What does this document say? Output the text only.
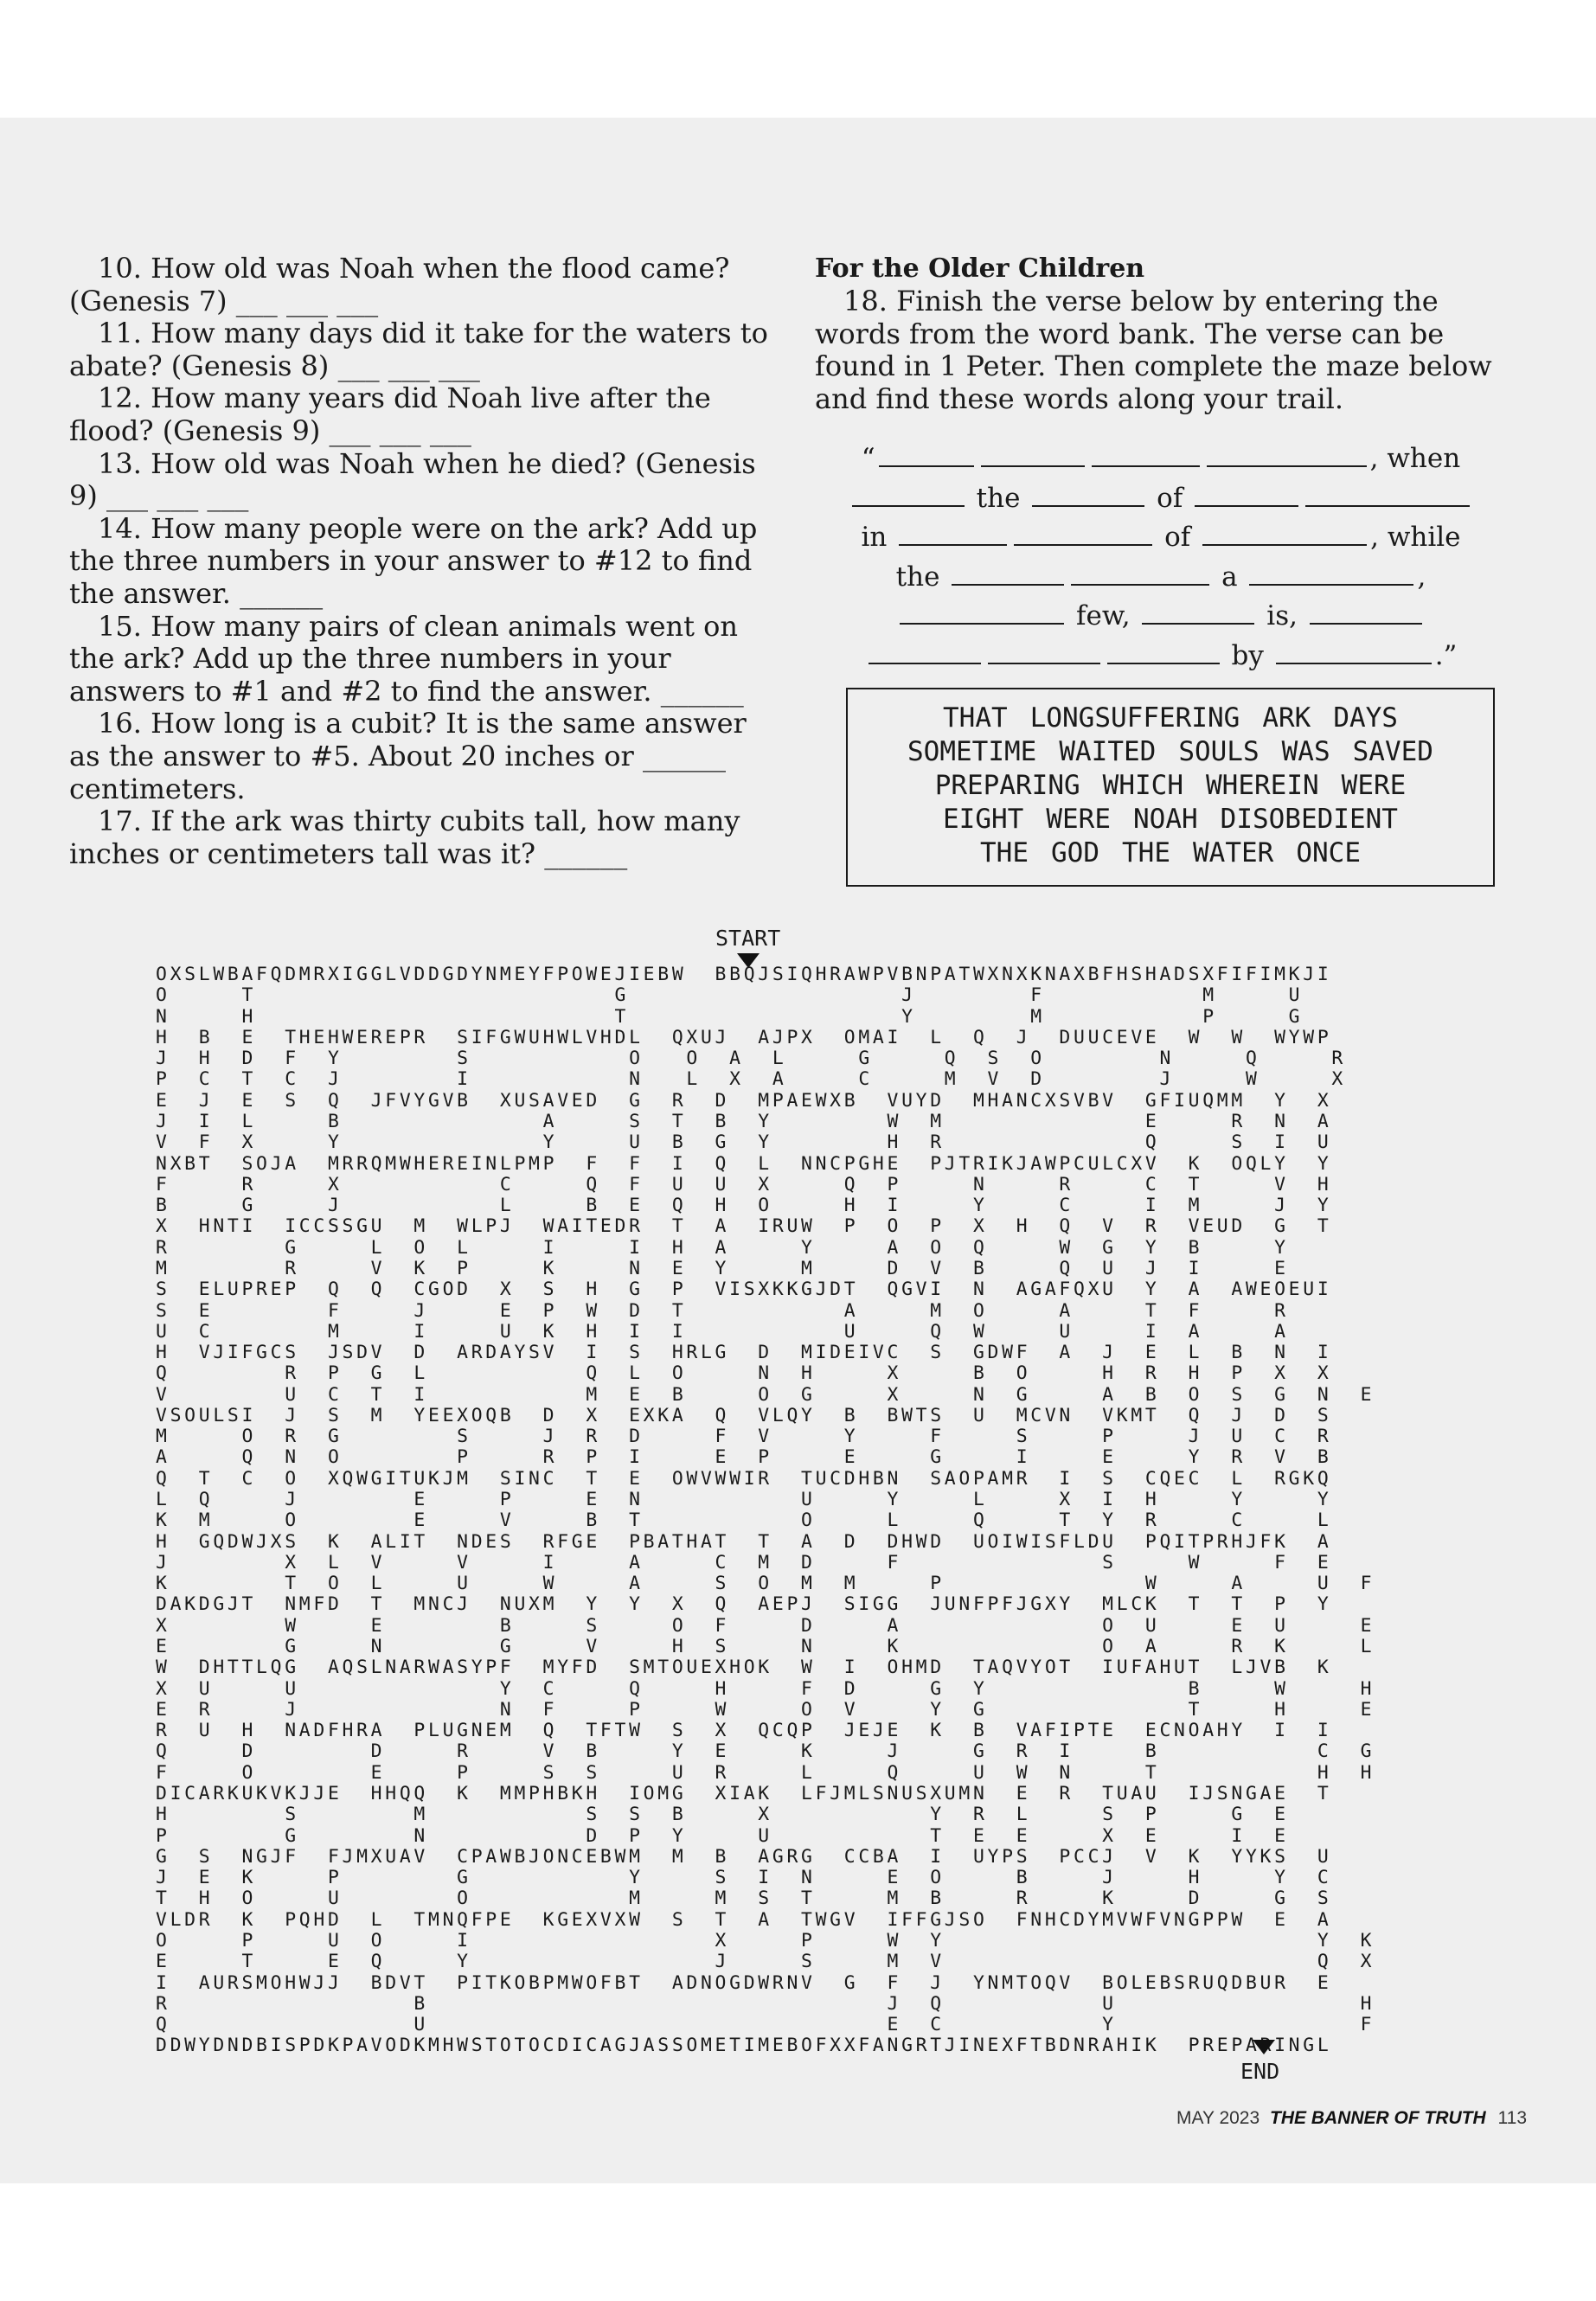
10. How old was Noah when the flood came? (Genesis 7) ___ ___ ___

11. How many days did it take for the waters to abate? (Genesis 8) ___ ___ ___

12. How many years did Noah live after the flood? (Genesis 9) ___ ___ ___

13. How old was Noah when he died? (Genesis 9) ___ ___ ___

14. How many people were on the ark? Add up the three numbers in your answer to #12 to find the answer. ______

15. How many pairs of clean animals went on the ark? Add up the three numbers in your answers to #1 and #2 to find the answer. ______

16. How long is a cubit? It is the same answer as the answer to #5. About 20 inches or ______ centimeters.

17. If the ark was thirty cubits tall, how many inches or centimeters tall was it? ______

For the Older Children

18. Finish the verse below by entering the words from the word bank. The verse can be found in 1 Peter. Then complete the maze below and find these words along your trail.

“	, when
the	of
in	of	, while
the	a	,
few,	is,
by	.”
THAT LONGSUFFERING ARK DAYS
SOMETIME WAITED SOULS WAS SAVED
PREPARING WHICH WHEREIN WERE
EIGHT WERE NOAH DISOBEDIENT
THE GOD THE WATER ONCE
START
OXSLWBAFQDMRXIGGLVDDGDYNMEYFPOWEJIEBW  BBQJSIQHRAWPVBNPATWXNXKNAXBFHSHADSXFIFIMKJI
O     T                         G                   J        F           M     U
N     H                         T                   Y        M           P     G
H  B  E  THEHWEREPR  SIFGWUHWLVHDL  QXUJ  AJPX  OMAI  L  Q  J  DUUCEVE  W  W  WYWP
J  H  D  F  Y        S           O   O  A  L     G     Q  S  O        N     Q     R
P  C  T  C  J        I           N   L  X  A     C     M  V  D        J     W     X
E  J  E  S  Q  JFVYGVB  XUSAVED  G  R  D  MPAEWXB  VUYD  MHANCXSVBV  GFIUQMM  Y  X
J  I  L     B              A     S  T  B  Y        W  M              E     R  N  A
V  F  X     Y              Y     U  B  G  Y        H  R              Q     S  I  U
NXBT  SOJA  MRRQMWHEREINLPMP  F  F  I  Q  L  NNCPGHE  PJTRIKJAWPCULCXV  K  OQLY  Y
F     R     X           C     Q  F  U  U  X     Q  P     N     R     C  T     V  H
B     G     J           L     B  E  Q  H  O     H  I     Y     C     I  M     J  Y
X  HNTI  ICCSSGU  M  WLPJ  WAITEDR  T  A  IRUW  P  O  P  X  H  Q  V  R  VEUD  G  T
R        G     L  O  L     I     I  H  A     Y     A  O  Q     W  G  Y  B     Y
M        R     V  K  P     K     N  E  Y     M     D  V  B     Q  U  J  I     E
S  ELUPREP  Q  Q  CGOD  X  S  H  G  P  VISXKKGJDT  QGVI  N  AGAFQXU  Y  A  AWEOEUI
S  E        F     J     E  P  W  D  T           A     M  O     A     T  F     R
U  C        M     I     U  K  H  I  I           U     Q  W     U     I  A     A
H  VJIFGCS  JSDV  D  ARDAYSV  I  S  HRLG  D  MIDEIVC  S  GDWF  A  J  E  L  B  N  I
Q        R  P  G  L           Q  L  O     N  H     X     B  O     H  R  H  P  X  X
V        U  C  T  I           M  E  B     O  G     X     N  G     A  B  O  S  G  N  E
VSOULSI  J  S  M  YEEXOQB  D  X  EXKA  Q  VLQY  B  BWTS  U  MCVN  VKMT  Q  J  D  S
M     O  R  G        S     J  R  D     F  V     Y     F     S     P     J  U  C  R
A     Q  N  O        P     R  P  I     E  P     E     G     I     E     Y  R  V  B
Q  T  C  O  XQWGITUKJM  SINC  T  E  OWVWWIR  TUCDHBN  SAOPAMR  I  S  CQEC  L  RGKQ
L  Q     J        E     P     E  N           U     Y     L     X  I  H     Y     Y
K  M     O        E     V     B  T           O     L     Q     T  Y  R     C     L
H  GQDWJXS  K  ALIT  NDES  RFGE  PBATHAT  T  A  D  DHWD  UOIWISFLDU  PQITPRHJFK  A
J        X  L  V     V     I     A     C  M  D     F              S     W     F  E
K        T  O  L     U     W     A     S  O  M  M     P              W     A     U  F
DAKDGJT  NMFD  T  MNCJ  NUXM  Y  Y  X  Q  AEPJ  SIGG  JUNFPFJGXY  MLCK  T  T  P  Y
X        W     E        B     S     O  F     D     A              O  U     E  U     E
E        G     N        G     V     H  S     N     K              O  A     R  K     L
W  DHTTLQG  AQSLNARWASYPF  MYFD  SMTOUEXHOK  W  I  OHMD  TAQVYOT  IUFAHUT  LJVB  K
X  U     U              Y  C     Q     H     F  D     G  Y              B     W     H
E  R     J              N  F     P     W     O  V     Y  G              T     H     E
R  U  H  NADFHRA  PLUGNEM  Q  TFTW  S  X  QCQP  JEJE  K  B  VAFIPTE  ECNOAHY  I  I
Q     D        D     R     V  B     Y  E     K     J     G  R  I     B           C  G
F     O        E     P     S  S     U  R     L     Q     U  W  N     T           H  H
DICARKUKVKJJE  HHQQ  K  MMPHBKH  IOMG  XIAK  LFJMLSNUSXUMN  E  R  TUAU  IJSNGAE  T
H        S        M           S  S  B     X           Y  R  L     S  P     G  E
P        G        N           D  P  Y     U           T  E  E     X  E     I  E
G  S  NGJF  FJMXUAV  CPAWBJONCEBWM  M  B  AGRG  CCBA  I  UYPS  PCCJ  V  K  YYKS  U
J  E  K     P        G           Y     S  I  N     E  O     B     J     H     Y  C
T  H  O     U        O           M     M  S  T     M  B     R     K     D     G  S
VLDR  K  PQHD  L  TMNQFPE  KGEXVXW  S  T  A  TWGV  IFFGJSO  FNHCDYMVWFVNGPPW  E  A
O     P     U  O     I                 X     P     W  Y                          Y  K
E     T     E  Q     Y                 J     S     M  V                          Q  X
I  AURSMOHWJJ  BDVT  PITKOBPMWOFBT  ADNOGDWRNV  G  F  J  YNMTOQV  BOLEBSRUQDBUR  E
R                 B                                J  Q           U                 H
Q                 U                                E  C           Y                 F
DDWYDNDBISPDKPAVODKMHWSTOTOCDICAGJASSOMETIMEBOFXXFANGRTJINEXFTBDNRAHIK  PREPARINGL
END
MAY 2023 THE BANNER OF TRUTH 113
